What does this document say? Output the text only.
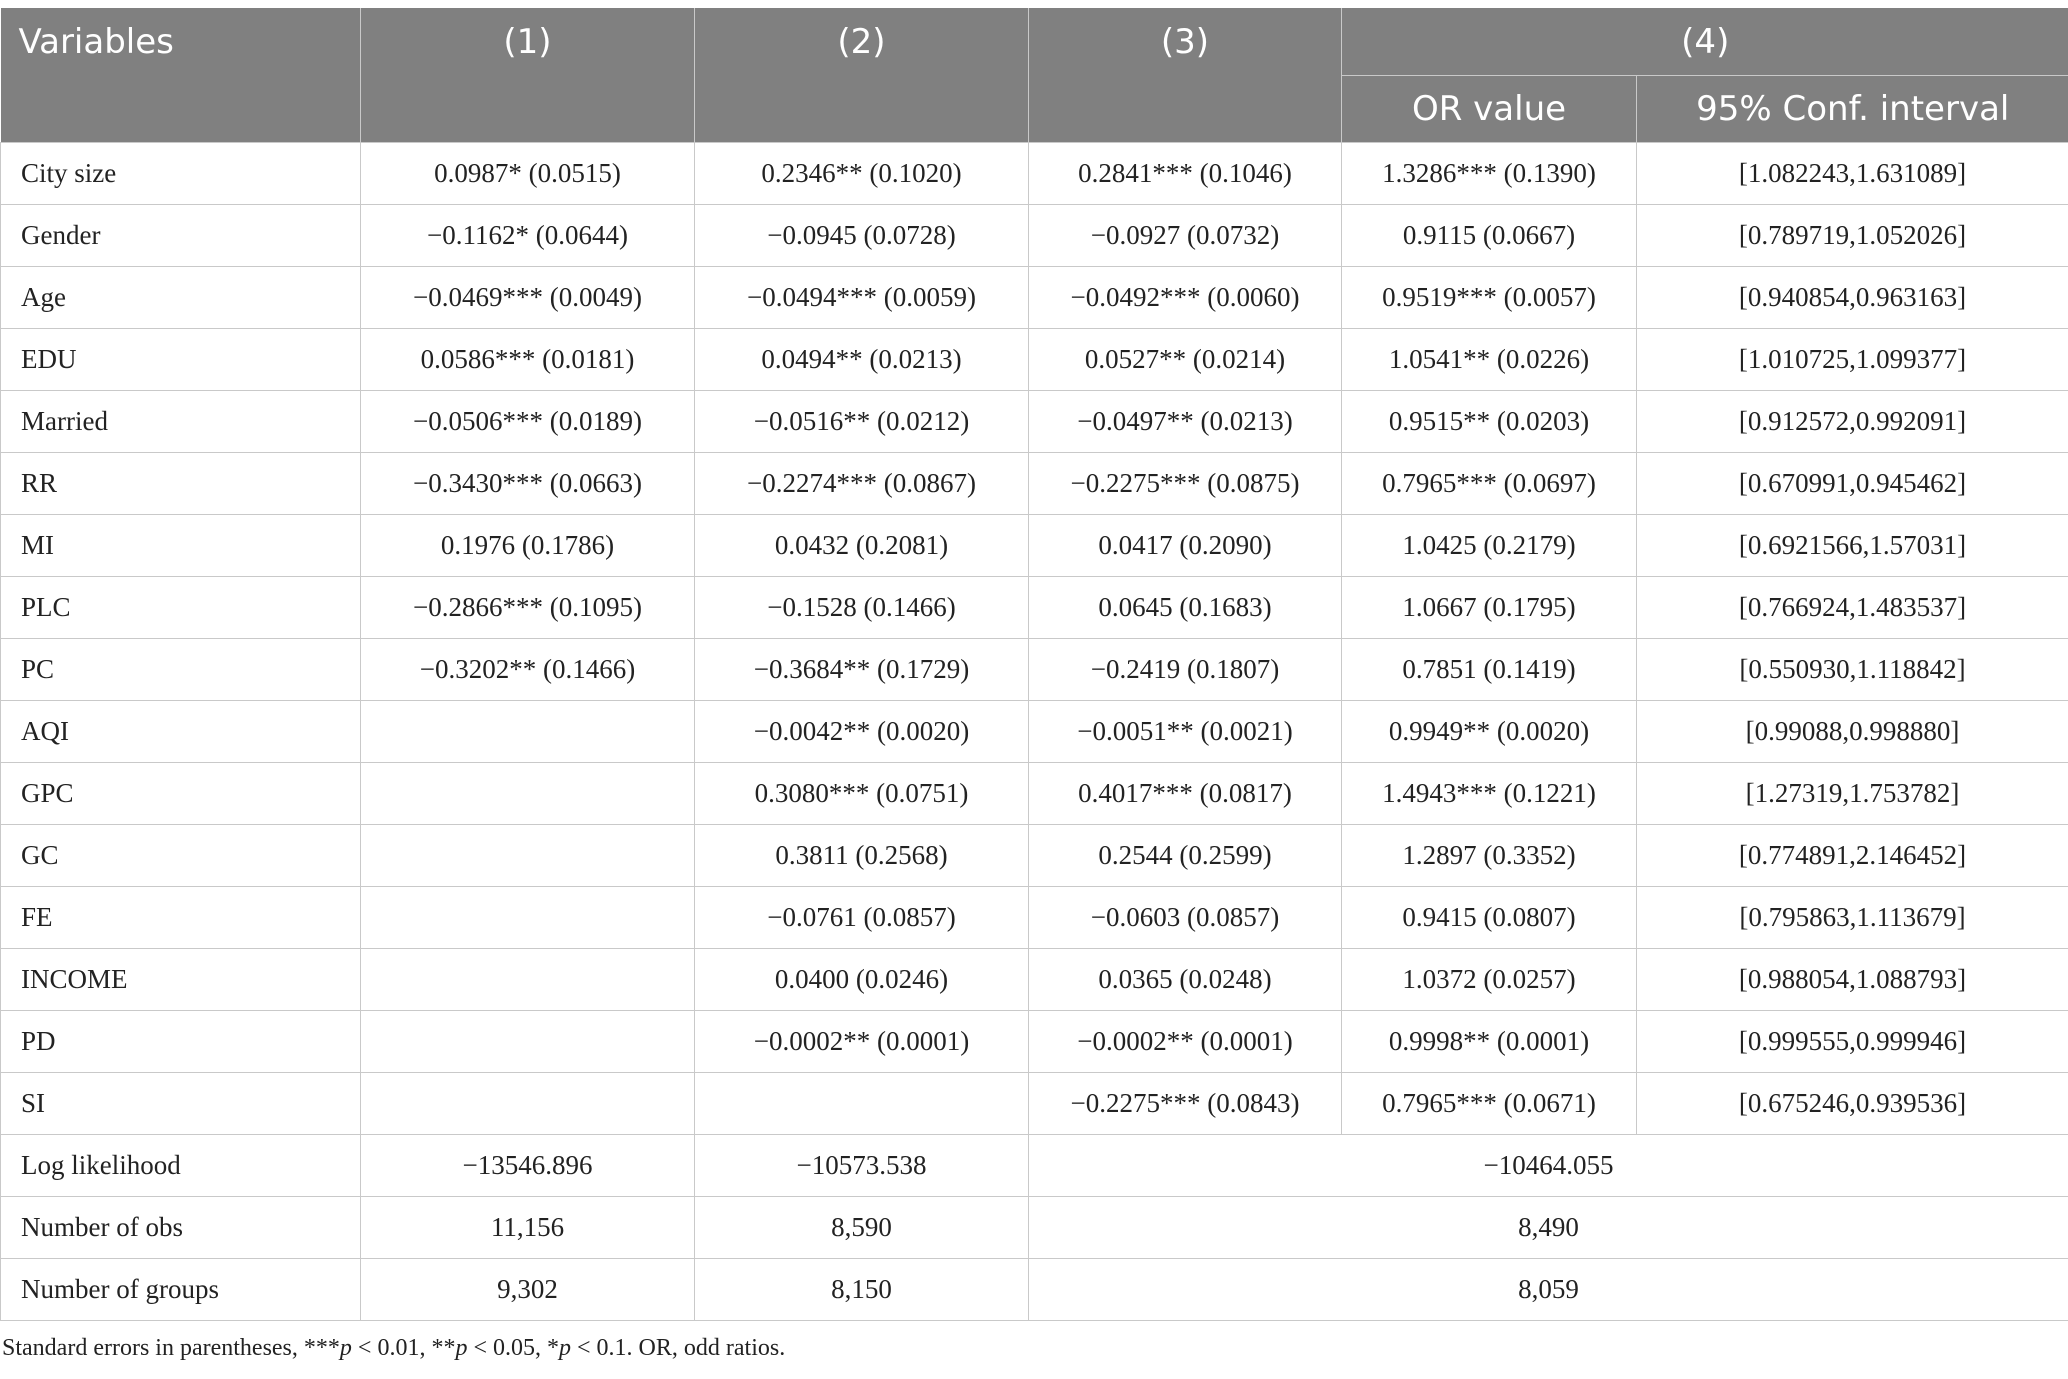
Variables	(1)	(2)	(3)	(4)	
				OR value	95% Conf. interval
City size	0.0987* (0.0515)	0.2346** (0.1020)	0.2841*** (0.1046)	1.3286*** (0.1390)	[1.082243,1.631089]
Gender	−0.1162* (0.0644)	−0.0945 (0.0728)	−0.0927 (0.0732)	0.9115 (0.0667)	[0.789719,1.052026]
Age	−0.0469*** (0.0049)	−0.0494*** (0.0059)	−0.0492*** (0.0060)	0.9519*** (0.0057)	[0.940854,0.963163]
EDU	0.0586*** (0.0181)	0.0494** (0.0213)	0.0527** (0.0214)	1.0541** (0.0226)	[1.010725,1.099377]
Married	−0.0506*** (0.0189)	−0.0516** (0.0212)	−0.0497** (0.0213)	0.9515** (0.0203)	[0.912572,0.992091]
RR	−0.3430*** (0.0663)	−0.2274*** (0.0867)	−0.2275*** (0.0875)	0.7965*** (0.0697)	[0.670991,0.945462]
MI	0.1976 (0.1786)	0.0432 (0.2081)	0.0417 (0.2090)	1.0425 (0.2179)	[0.6921566,1.57031]
PLC	−0.2866*** (0.1095)	−0.1528 (0.1466)	0.0645 (0.1683)	1.0667 (0.1795)	[0.766924,1.483537]
PC	−0.3202** (0.1466)	−0.3684** (0.1729)	−0.2419 (0.1807)	0.7851 (0.1419)	[0.550930,1.118842]
AQI		−0.0042** (0.0020)	−0.0051** (0.0021)	0.9949** (0.0020)	[0.99088,0.998880]
GPC		0.3080*** (0.0751)	0.4017*** (0.0817)	1.4943*** (0.1221)	[1.27319,1.753782]
GC		0.3811 (0.2568)	0.2544 (0.2599)	1.2897 (0.3352)	[0.774891,2.146452]
FE		−0.0761 (0.0857)	−0.0603 (0.0857)	0.9415 (0.0807)	[0.795863,1.113679]
INCOME		0.0400 (0.0246)	0.0365 (0.0248)	1.0372 (0.0257)	[0.988054,1.088793]
PD		−0.0002** (0.0001)	−0.0002** (0.0001)	0.9998** (0.0001)	[0.999555,0.999946]
SI			−0.2275*** (0.0843)	0.7965*** (0.0671)	[0.675246,0.939536]
Log likelihood	−13546.896	−10573.538	−10464.055		
Number of obs	11,156	8,590	8,490		
Number of groups	9,302	8,150	8,059		
Standard errors in parentheses, ***p < 0.01, **p < 0.05, *p < 0.1. OR, odd ratios.
